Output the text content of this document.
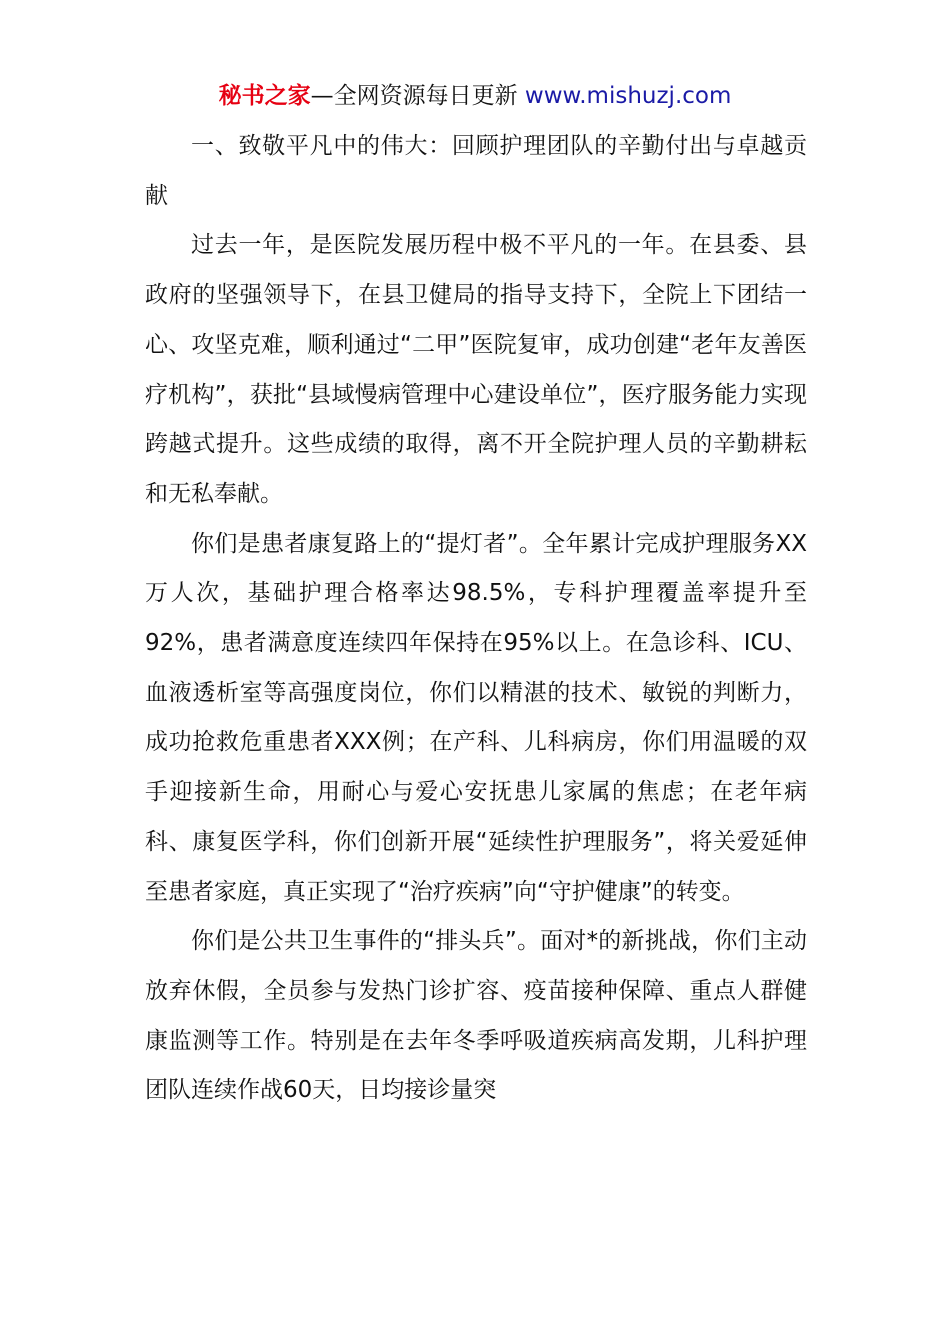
秘书之家—全网资源每日更新 www.mishuzj.com

一、致敬平凡中的伟大：回顾护理团队的辛勤付出与卓越贡献

过去一年，是医院发展历程中极不平凡的一年。在县委、县政府的坚强领导下，在县卫健局的指导支持下，全院上下团结一心、攻坚克难，顺利通过“二甲”医院复审，成功创建“老年友善医疗机构”，获批“县域慢病管理中心建设单位”，医疗服务能力实现跨越式提升。这些成绩的取得，离不开全院护理人员的辛勤耕耘和无私奉献。

你们是患者康复路上的“提灯者”。全年累计完成护理服务XX万人次，基础护理合格率达98.5%，专科护理覆盖率提升至92%，患者满意度连续四年保持在95%以上。在急诊科、ICU、血液透析室等高强度岗位，你们以精湛的技术、敏锐的判断力，成功抢救危重患者XXX例；在产科、儿科病房，你们用温暖的双手迎接新生命，用耐心与爱心安抚患儿家属的焦虑；在老年病科、康复医学科，你们创新开展“延续性护理服务”，将关爱延伸至患者家庭，真正实现了“治疗疾病”向“守护健康”的转变。

你们是公共卫生事件的“排头兵”。面对*的新挑战，你们主动放弃休假，全员参与发热门诊扩容、疫苗接种保障、重点人群健康监测等工作。特别是在去年冬季呼吸道疾病高发期，儿科护理团队连续作战60天，日均接诊量突
